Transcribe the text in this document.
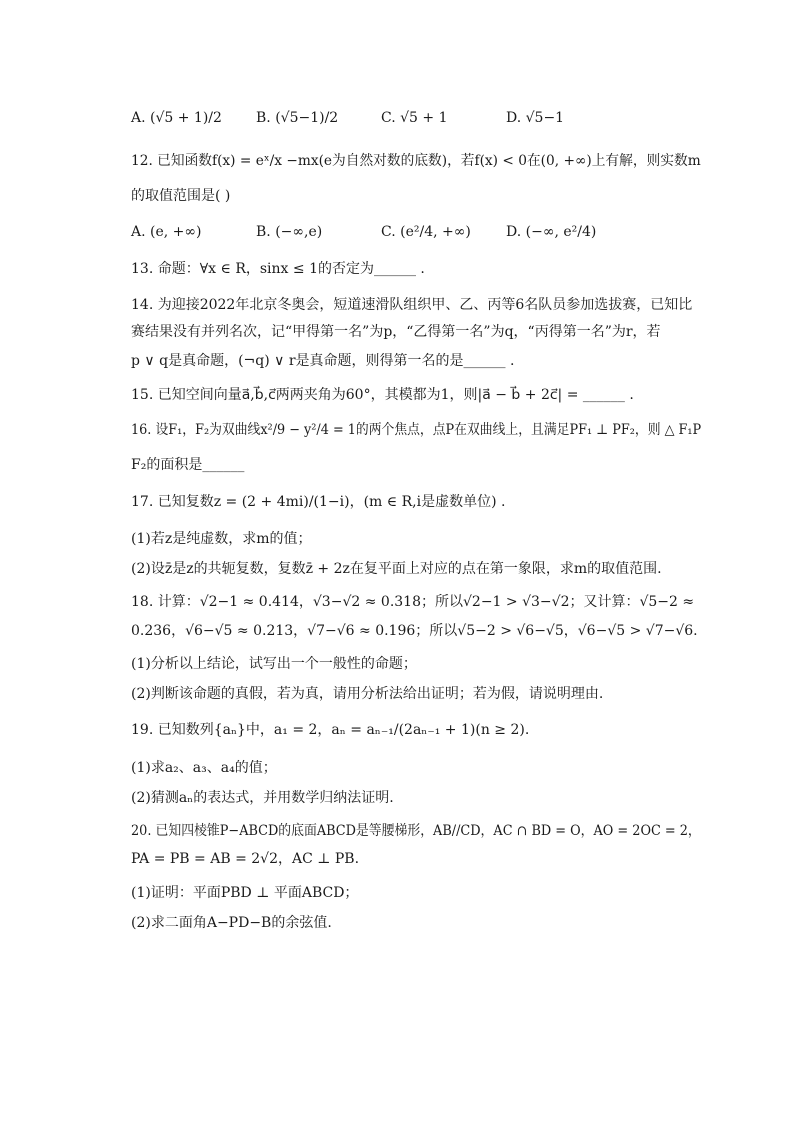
A. (√5 + 1)/2 B. (√5−1)/2	C. √5 + 1	D. √5−1
12. 已知函数f(x) = eˣ/x −mx(e为自然对数的底数)，若f(x) < 0在(0, +∞)上有解，则实数m
的取值范围是( )
A. (e, +∞)	B. (−∞,e)	C. (e²/4, +∞)	D. (−∞, e²/4)
13. 命题：∀x ∈ R，sinx ≤ 1的否定为______ .
14. 为迎接2022年北京冬奥会，短道速滑队组织甲、乙、丙等6名队员参加选拔赛，已知比
赛结果没有并列名次，记“甲得第一名”为p，“乙得第一名”为q，“丙得第一名”为r，若
p ∨ q是真命题，(¬q) ∨ r是真命题，则得第一名的是______ .
15. 已知空间向量a⃗,b⃗,c⃗两两夹角为60°，其模都为1，则|a⃗ − b⃗ + 2c⃗| = ______ .
16. 设F₁，F₂为双曲线x²/9 − y²/4 = 1的两个焦点，点P在双曲线上，且满足PF₁ ⊥ PF₂，则 △ F₁P
F₂的面积是______
17. 已知复数z = (2 + 4mi)/(1−i)，(m ∈ R,i是虚数单位) .
(1)若z是纯虚数，求m的值；
(2)设z̄是z的共轭复数，复数z̄ + 2z在复平面上对应的点在第一象限，求m的取值范围.
18. 计算：√2−1 ≈ 0.414，√3−√2 ≈ 0.318；所以√2−1 > √3−√2；又计算：√5−2 ≈
0.236，√6−√5 ≈ 0.213，√7−√6 ≈ 0.196；所以√5−2 > √6−√5，√6−√5 > √7−√6.
(1)分析以上结论，试写出一个一般性的命题；
(2)判断该命题的真假，若为真，请用分析法给出证明；若为假，请说明理由.
19. 已知数列{aₙ}中，a₁ = 2，aₙ = aₙ₋₁/(2aₙ₋₁ + 1)(n ≥ 2).
(1)求a₂、a₃、a₄的值；
(2)猜测aₙ的表达式，并用数学归纳法证明.
20. 已知四棱锥P−ABCD的底面ABCD是等腰梯形，AB//CD，AC ∩ BD = O，AO = 2OC = 2，
PA = PB = AB = 2√2，AC ⊥ PB.
(1)证明：平面PBD ⊥ 平面ABCD；
(2)求二面角A−PD−B的余弦值.
